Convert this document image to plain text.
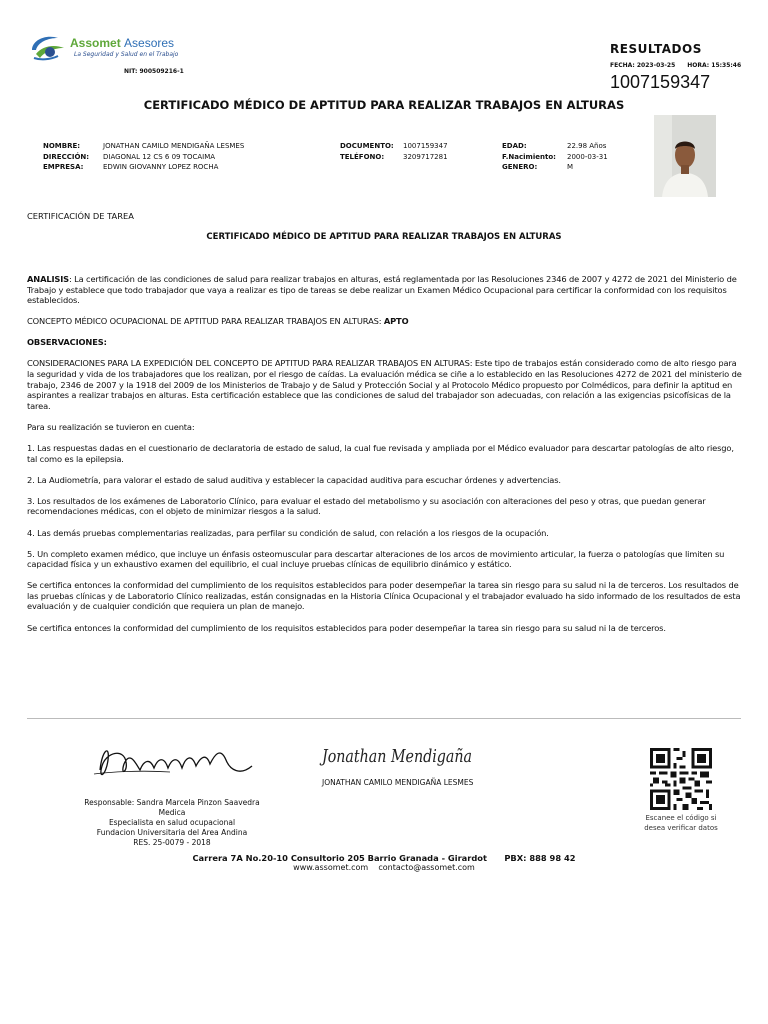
Assomet Asesores
La Seguridad y Salud en el Trabajo
NIT: 900509216-1
RESULTADOS
FECHA: 2023-03-25 HORA: 15:35:46
1007159347
CERTIFICADO MÉDICO DE APTITUD PARA REALIZAR TRABAJOS EN ALTURAS
NOMBRE:
DIRECCIÓN:
EMPRESA:
JONATHAN CAMILO MENDIGAÑA LESMES
DIAGONAL 12 CS 6 09 TOCAIMA
EDWIN GIOVANNY LOPEZ ROCHA
DOCUMENTO:
TELÉFONO:
1007159347
3209717281
EDAD:
F.Nacimiento:
GENERO:
22.98 Años
2000-03-31
M
CERTIFICACIÓN DE TAREA
CERTIFICADO MÉDICO DE APTITUD PARA REALIZAR TRABAJOS EN ALTURAS

ANALISIS: La certificación de las condiciones de salud para realizar trabajos en alturas, está reglamentada por las Resoluciones 2346 de 2007 y 4272 de 2021 del Ministerio de Trabajo y establece que todo trabajador que vaya a realizar es tipo de tareas se debe realizar un Examen Médico Ocupacional para certificar la conformidad con los requisitos establecidos.

CONCEPTO MÉDICO OCUPACIONAL DE APTITUD PARA REALIZAR TRABAJOS EN ALTURAS: APTO

OBSERVACIONES:

CONSIDERACIONES PARA LA EXPEDICIÓN DEL CONCEPTO DE APTITUD PARA REALIZAR TRABAJOS EN ALTURAS: Este tipo de trabajos están considerado como de alto riesgo para la seguridad y vida de los trabajadores que los realizan, por el riesgo de caídas. La evaluación médica se ciñe a lo establecido en las Resoluciones 4272 de 2021 del ministerio de trabajo, 2346 de 2007 y la 1918 del 2009 de los Ministerios de Trabajo y de Salud y Protección Social y al Protocolo Médico propuesto por Colmédicos, para definir la aptitud en aspirantes a realizar trabajos en alturas. Esta certificación establece que las condiciones de salud del trabajador son adecuadas, con relación a las exigencias psicofísicas de la tarea.

Para su realización se tuvieron en cuenta:

1. Las respuestas dadas en el cuestionario de declaratoria de estado de salud, la cual fue revisada y ampliada por el Médico evaluador para descartar patologías de alto riesgo, tal como es la epilepsia.

2. La Audiometría, para valorar el estado de salud auditiva y establecer la capacidad auditiva para escuchar órdenes y advertencias.

3. Los resultados de los exámenes de Laboratorio Clínico, para evaluar el estado del metabolismo y su asociación con alteraciones del peso y otras, que puedan generar recomendaciones médicas, con el objeto de minimizar riesgos a la salud.

4. Las demás pruebas complementarias realizadas, para perfilar su condición de salud, con relación a los riesgos de la ocupación.

5. Un completo examen médico, que incluye un énfasis osteomuscular para descartar alteraciones de los arcos de movimiento articular, la fuerza o patologías que limiten su capacidad física y un exhaustivo examen del equilibrio, el cual incluye pruebas clínicas de equilibrio dinámico y estático.

Se certifica entonces la conformidad del cumplimiento de los requisitos establecidos para poder desempeñar la tarea sin riesgo para su salud ni la de terceros. Los resultados de las pruebas clínicas y de Laboratorio Clínico realizadas, están consignadas en la Historia Clínica Ocupacional y el trabajador evaluado ha sido informado de los resultados de esta evaluación y de cualquier condición que requiera un plan de manejo.

Se certifica entonces la conformidad del cumplimiento de los requisitos establecidos para poder desempeñar la tarea sin riesgo para su salud ni la de terceros.

Responsable: Sandra Marcela Pinzon Saavedra
Medica
Especialista en salud ocupacional
Fundacion Universitaria del Area Andina
RES. 25-0079 - 2018
Jonathan Mendigaña
JONATHAN CAMILO MENDIGAÑA LESMES
Escanee el código si
desea verificar datos
Carrera 7A No.20-10 Consultorio 205 Barrio Granada - Girardot PBX: 888 98 42
www.assomet.com contacto@assomet.com
